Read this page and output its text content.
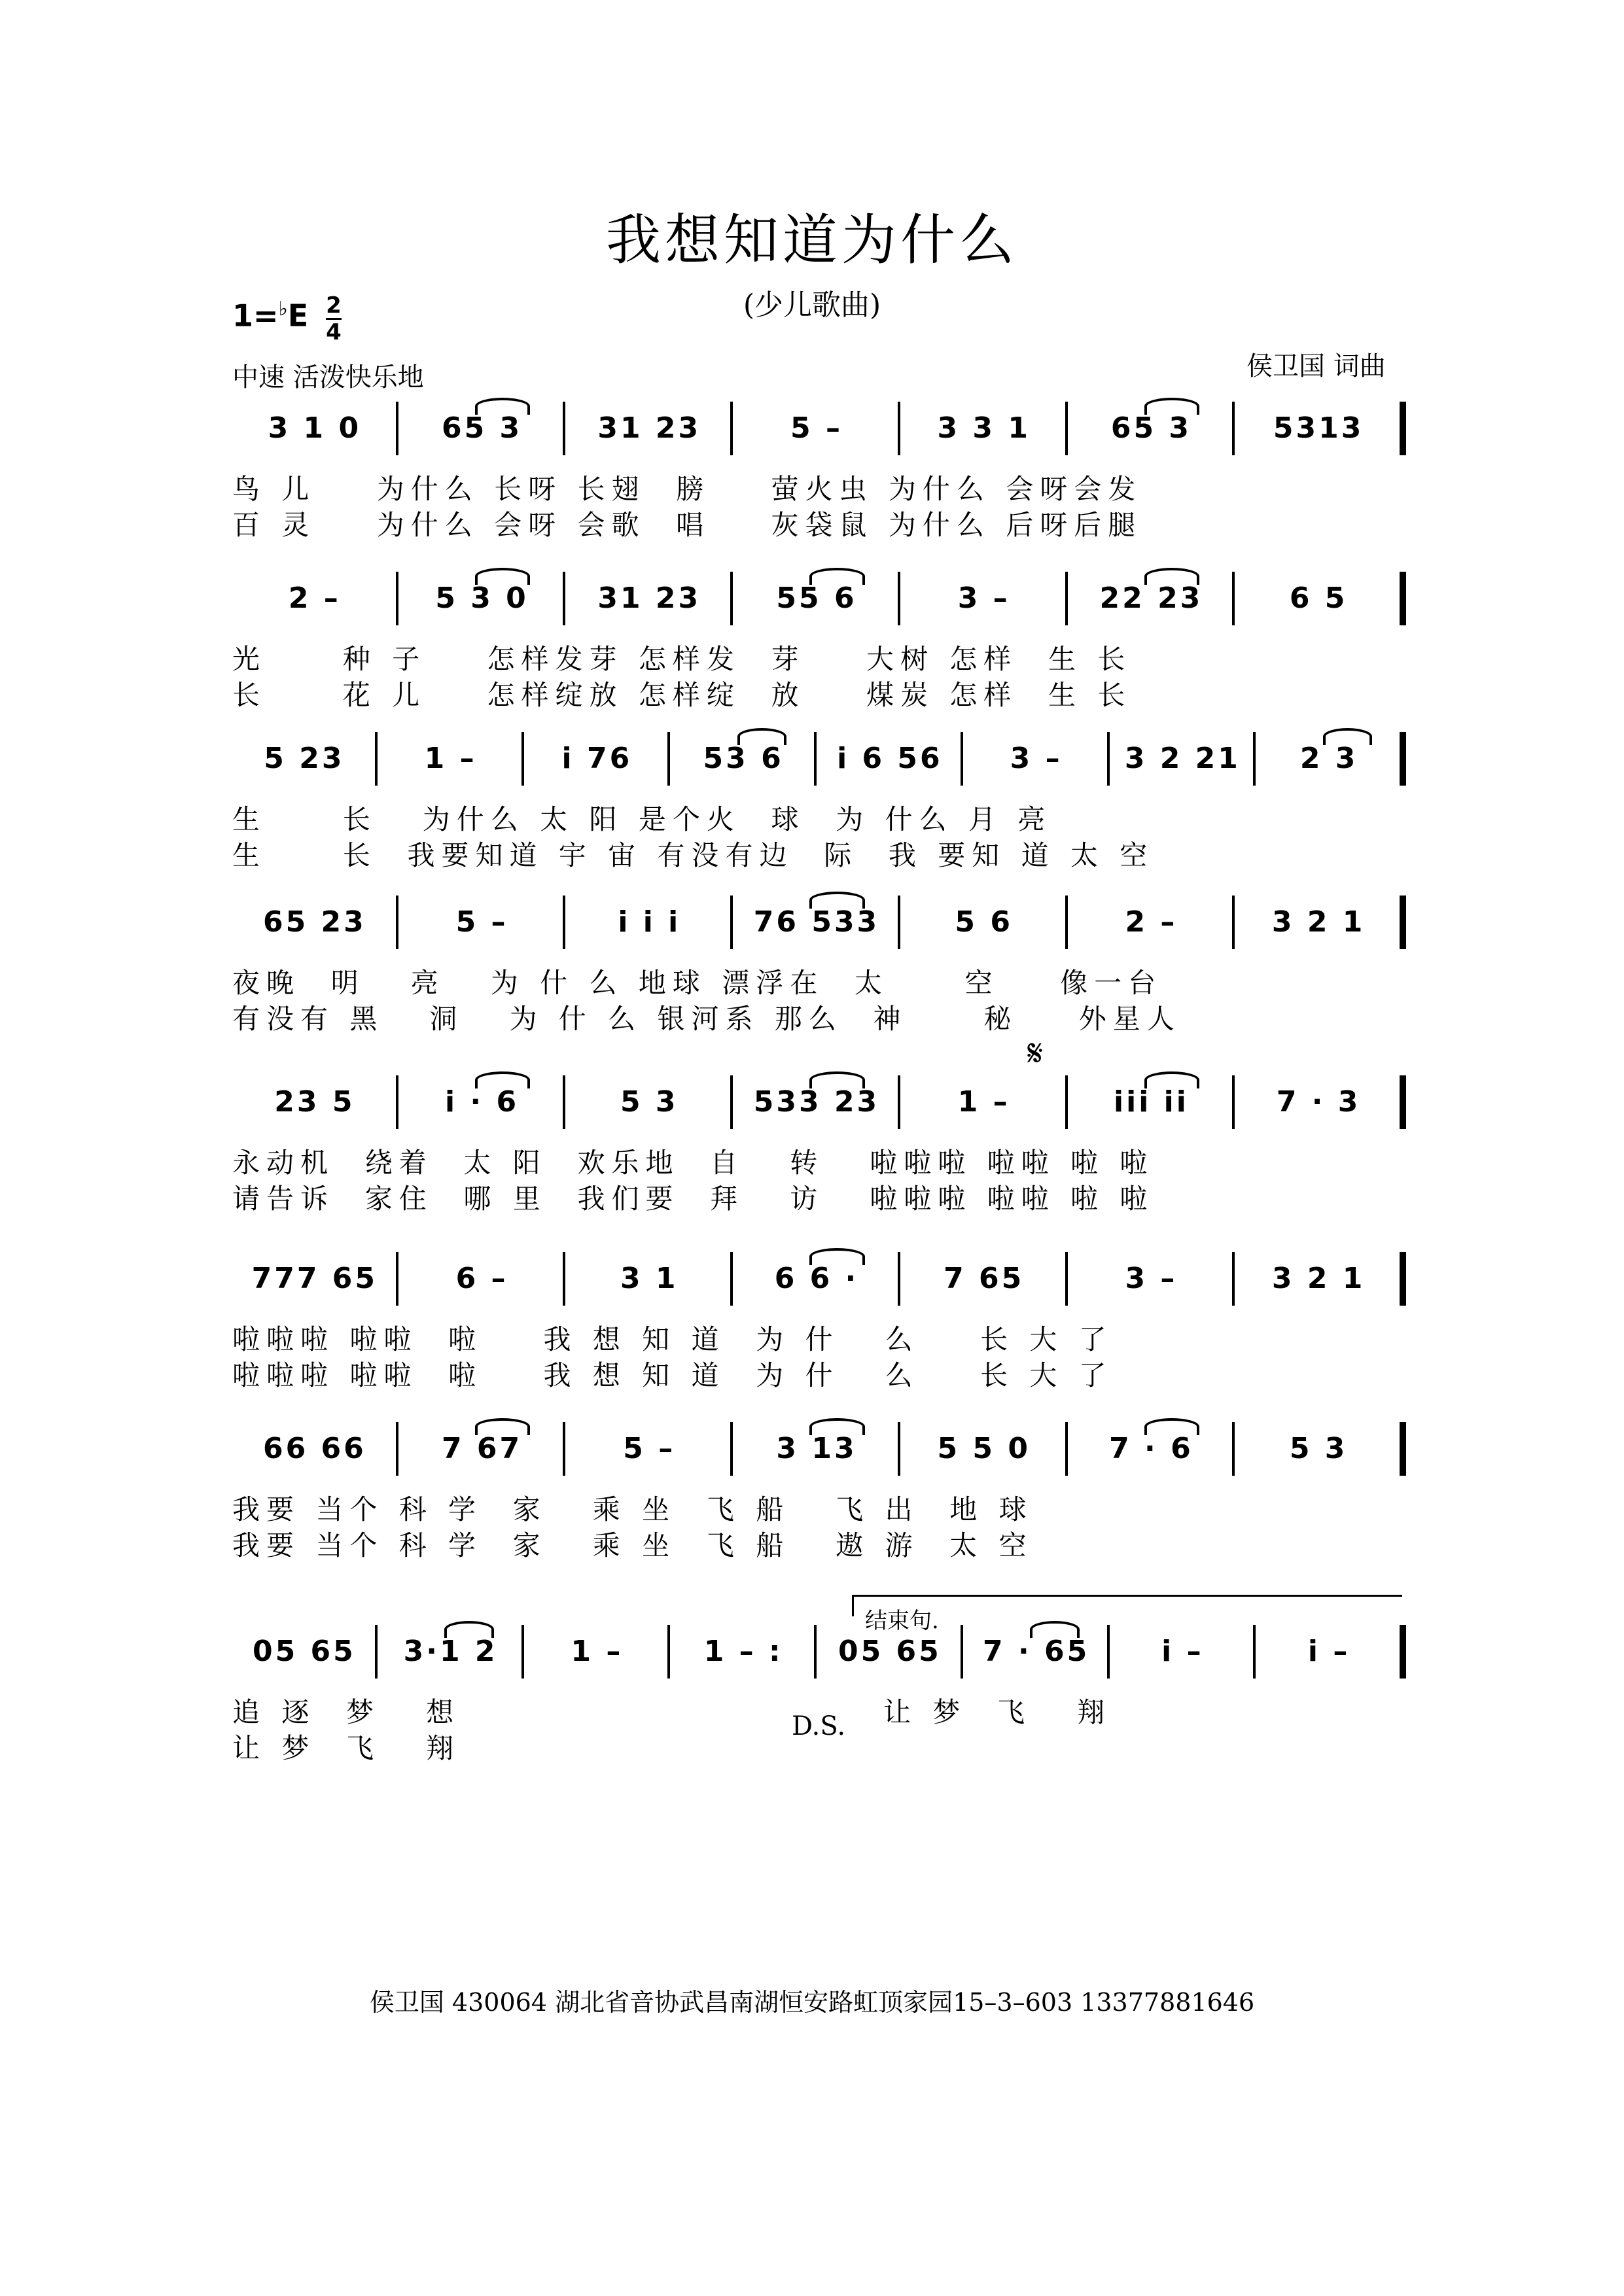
我想知道为什么
(少儿歌曲)
1=♭E 2
4
中速 活泼快乐地	侯卫国 词曲
3 1 0	65 3	31 23	5 –	3 3 1	65 3	5313
鸟 儿    为什么 长呀 长翅  膀    萤火虫 为什么 会呀会发
百 灵    为什么 会呀 会歌  唱    灰袋鼠 为什么 后呀后腿
2 –	5 3 0	31 23	55 6	3 –	22 23	6 5
光     种 子    怎样发芽 怎样发  芽    大树 怎样  生 长
长     花 儿    怎样绽放 怎样绽  放    煤炭 怎样  生 长
5 23	1 –	i 76	53 6	i 6 56	3 –	3 2 21	2 3
生     长   为什么 太 阳 是个火  球  为 什么 月 亮
生     长  我要知道 宇 宙 有没有边  际  我 要知 道 太 空
65 23	5 –	i i i	76 533	5 6	2 –	3 2 1
夜晚  明   亮   为 什 么 地球 漂浮在  太     空    像一台
有没有 黑   洞   为 什 么 银河系 那么  神     秘    外星人
23 5	i · 6	5 3	533 23	1 –	iii ii	7 · 3
永动机  绕着  太 阳  欢乐地  自   转   啦啦啦 啦啦 啦 啦
请告诉  家住  哪 里  我们要  拜   访   啦啦啦 啦啦 啦 啦
𝄋
777 65	6 –	3 1	6 6 ·	7 65	3 –	3 2 1
啦啦啦 啦啦  啦    我 想 知 道  为 什   么    长 大 了
啦啦啦 啦啦  啦    我 想 知 道  为 什   么    长 大 了
66 66	7 67	5 –	3 13	5 5 0	7 · 6	5 3
我要 当个 科 学  家   乘 坐  飞 船   飞 出  地 球
我要 当个 科 学  家   乘 坐  飞 船   遨 游  太 空
05 65	3·1 2	1 –	1 – :	05 65	7 · 65	i –	i –
追 逐  梦   想
让 梦  飞   翔
让 梦  飞   翔
结束句.
D.S.
侯卫国 430064 湖北省音协武昌南湖恒安路虹顶家园15–3–603 13377881646
